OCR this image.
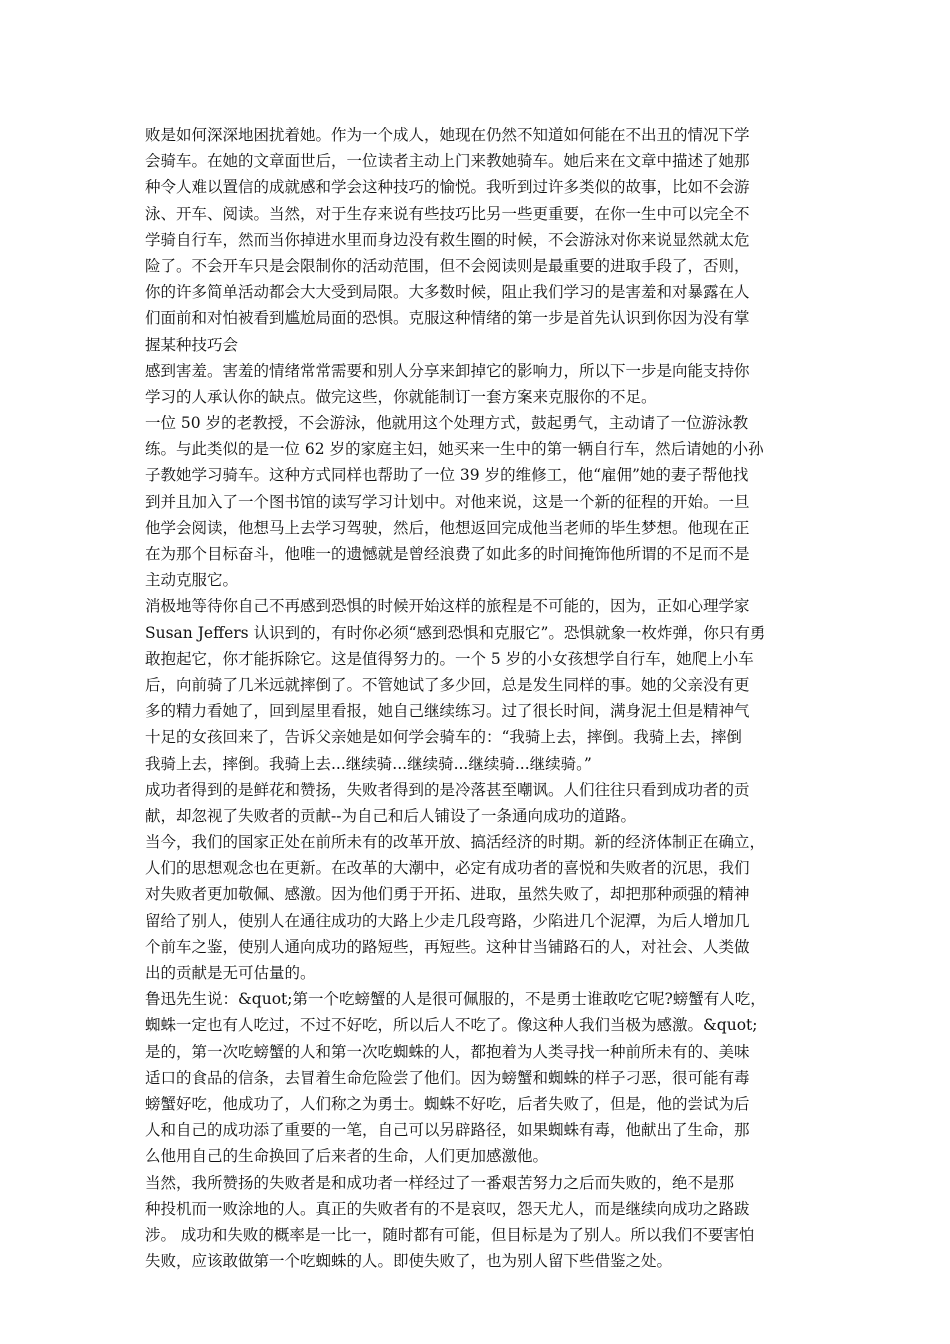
败是如何深深地困扰着她。作为一个成人，她现在仍然不知道如何能在不出丑的情况下学
会骑车。在她的文章面世后，一位读者主动上门来教她骑车。她后来在文章中描述了她那
种令人难以置信的成就感和学会这种技巧的愉悦。我听到过许多类似的故事，比如不会游
泳、开车、阅读。当然，对于生存来说有些技巧比另一些更重要，在你一生中可以完全不
学骑自行车，然而当你掉进水里而身边没有救生圈的时候，不会游泳对你来说显然就太危
险了。不会开车只是会限制你的活动范围，但不会阅读则是最重要的进取手段了，否则，
你的许多简单活动都会大大受到局限。大多数时候，阻止我们学习的是害羞和对暴露在人
们面前和对怕被看到尴尬局面的恐惧。克服这种情绪的第一步是首先认识到你因为没有掌
握某种技巧会
感到害羞。害羞的情绪常常需要和别人分享来卸掉它的影响力，所以下一步是向能支持你
学习的人承认你的缺点。做完这些，你就能制订一套方案来克服你的不足。
一位 50 岁的老教授，不会游泳，他就用这个处理方式，鼓起勇气，主动请了一位游泳教
练。与此类似的是一位 62 岁的家庭主妇，她买来一生中的第一辆自行车，然后请她的小孙
子教她学习骑车。这种方式同样也帮助了一位 39 岁的维修工，他“雇佣”她的妻子帮他找
到并且加入了一个图书馆的读写学习计划中。对他来说，这是一个新的征程的开始。一旦
他学会阅读，他想马上去学习驾驶，然后，他想返回完成他当老师的毕生梦想。他现在正
在为那个目标奋斗，他唯一的遗憾就是曾经浪费了如此多的时间掩饰他所谓的不足而不是
主动克服它。
消极地等待你自己不再感到恐惧的时候开始这样的旅程是不可能的，因为，正如心理学家
Susan Jeffers 认识到的，有时你必须“感到恐惧和克服它”。恐惧就象一枚炸弹，你只有勇
敢抱起它，你才能拆除它。这是值得努力的。一个 5 岁的小女孩想学自行车，她爬上小车
后，向前骑了几米远就摔倒了。不管她试了多少回，总是发生同样的事。她的父亲没有更
多的精力看她了，回到屋里看报，她自己继续练习。过了很长时间，满身泥土但是精神气
十足的女孩回来了，告诉父亲她是如何学会骑车的：“我骑上去，摔倒。我骑上去，摔倒
我骑上去，摔倒。我骑上去...继续骑...继续骑...继续骑...继续骑。”
成功者得到的是鲜花和赞扬，失败者得到的是冷落甚至嘲讽。人们往往只看到成功者的贡
献，却忽视了失败者的贡献--为自己和后人铺设了一条通向成功的道路。
当今，我们的国家正处在前所未有的改革开放、搞活经济的时期。新的经济体制正在确立，
人们的思想观念也在更新。在改革的大潮中，必定有成功者的喜悦和失败者的沉思，我们
对失败者更加敬佩、感激。因为他们勇于开拓、进取，虽然失败了，却把那种顽强的精神
留给了别人，使别人在通往成功的大路上少走几段弯路，少陷进几个泥潭，为后人增加几
个前车之鉴，使别人通向成功的路短些，再短些。这种甘当铺路石的人，对社会、人类做
出的贡献是无可估量的。
鲁迅先生说：&quot;第一个吃螃蟹的人是很可佩服的，不是勇士谁敢吃它呢?螃蟹有人吃，
蜘蛛一定也有人吃过，不过不好吃，所以后人不吃了。像这种人我们当极为感激。&quot;
是的，第一次吃螃蟹的人和第一次吃蜘蛛的人，都抱着为人类寻找一种前所未有的、美味
适口的食品的信条，去冒着生命危险尝了他们。因为螃蟹和蜘蛛的样子刁恶，很可能有毒
螃蟹好吃，他成功了，人们称之为勇士。蜘蛛不好吃，后者失败了，但是，他的尝试为后
人和自己的成功添了重要的一笔，自己可以另辟路径，如果蜘蛛有毒，他献出了生命，那
么他用自己的生命换回了后来者的生命，人们更加感激他。
当然，我所赞扬的失败者是和成功者一样经过了一番艰苦努力之后而失败的，绝不是那
种投机而一败涂地的人。真正的失败者有的不是哀叹，怨天尤人，而是继续向成功之路跋
涉。 成功和失败的概率是一比一，随时都有可能，但目标是为了别人。所以我们不要害怕
失败，应该敢做第一个吃蜘蛛的人。即使失败了，也为别人留下些借鉴之处。
